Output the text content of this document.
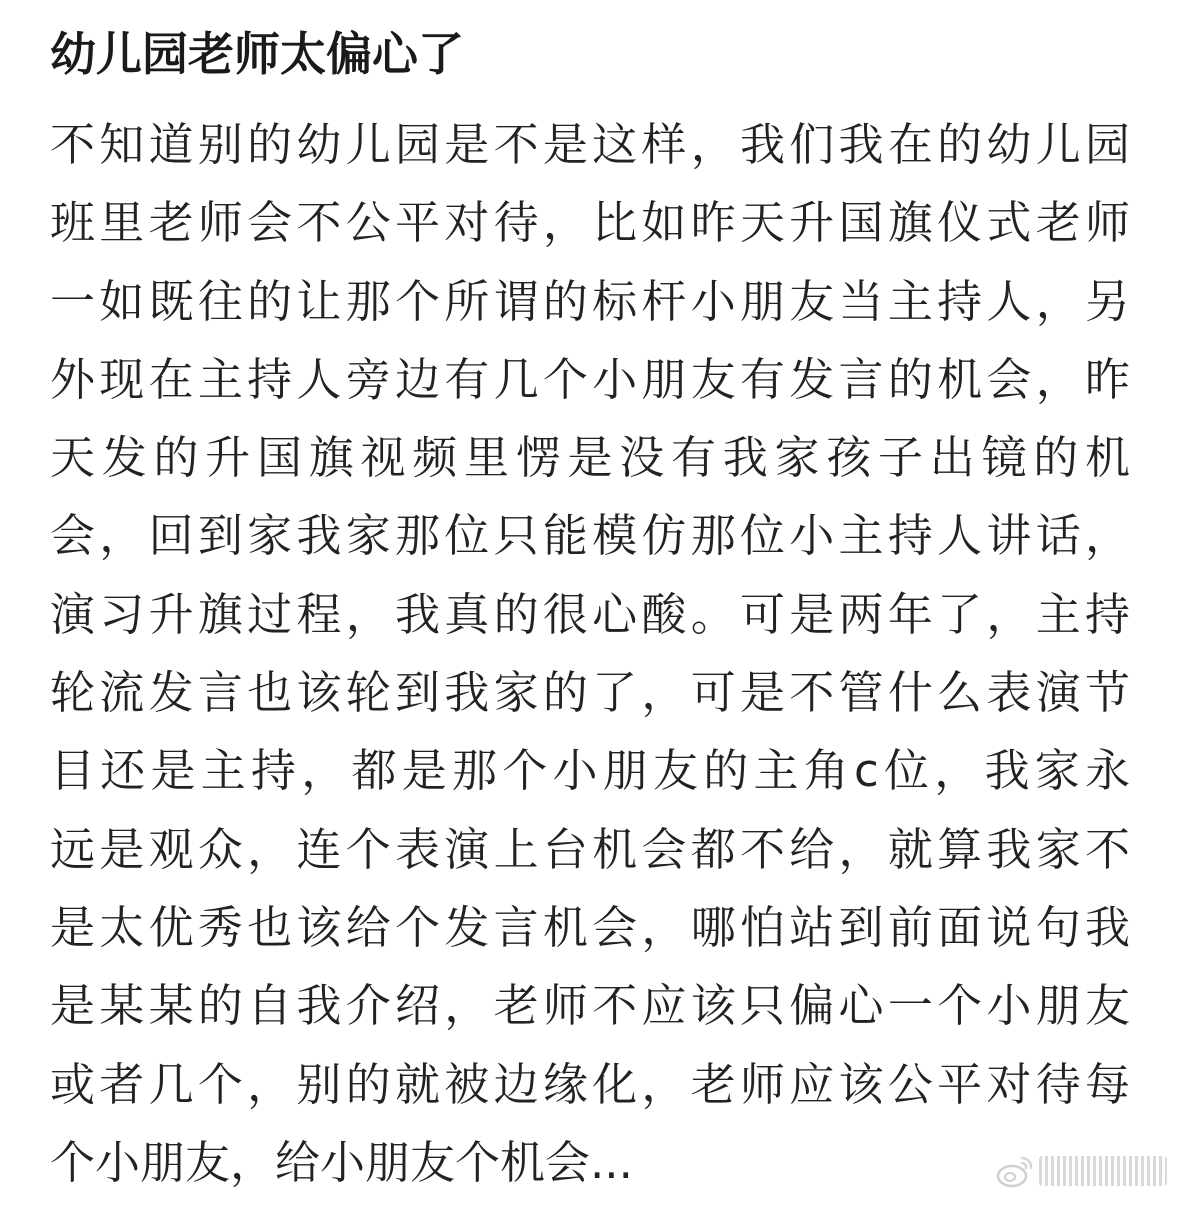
幼儿园老师太偏心了
不知道别的幼儿园是不是这样，我们我在的幼儿园
班里老师会不公平对待，比如昨天升国旗仪式老师
一如既往的让那个所谓的标杆小朋友当主持人，另
外现在主持人旁边有几个小朋友有发言的机会，昨
天发的升国旗视频里愣是没有我家孩子出镜的机
会，回到家我家那位只能模仿那位小主持人讲话，
演习升旗过程，我真的很心酸。可是两年了，主持
轮流发言也该轮到我家的了，可是不管什么表演节
目还是主持，都是那个小朋友的主角c位，我家永
远是观众，连个表演上台机会都不给，就算我家不
是太优秀也该给个发言机会，哪怕站到前面说句我
是某某的自我介绍，老师不应该只偏心一个小朋友
或者几个，别的就被边缘化，老师应该公平对待每
个小朋友，给小朋友个机会...
